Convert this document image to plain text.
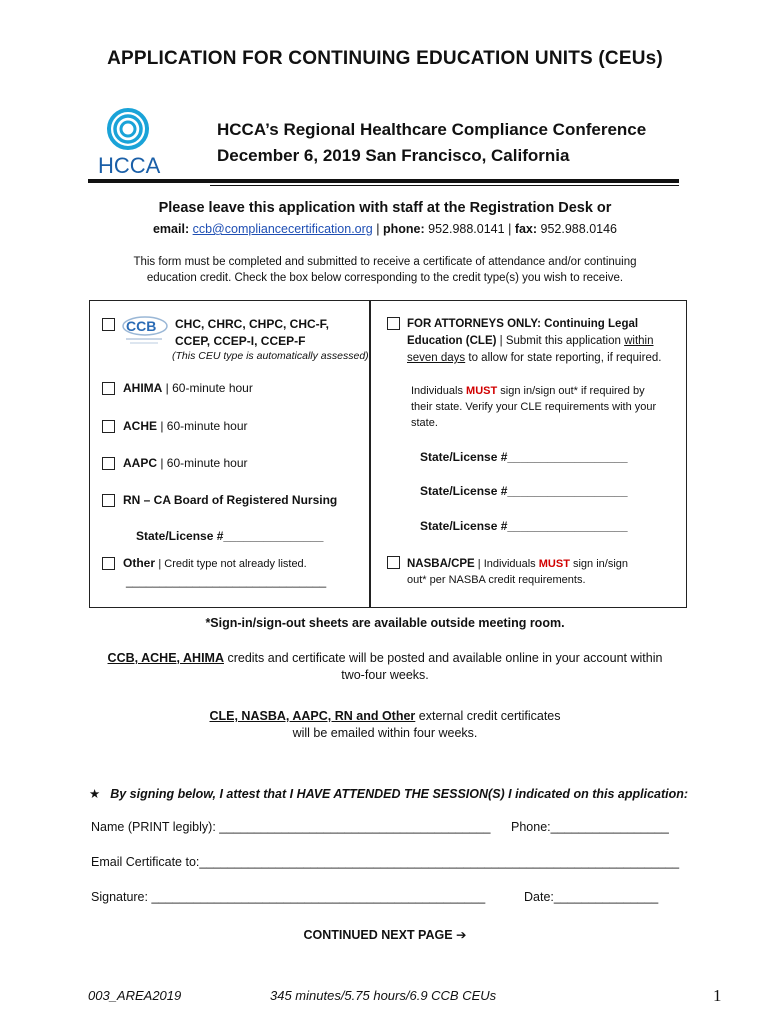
APPLICATION FOR CONTINUING EDUCATION UNITS (CEUs)
HCCA
HCCA’s Regional Healthcare Compliance Conference
December 6, 2019 San Francisco, California
Please leave this application with staff at the Registration Desk or
email: ccb@compliancecertification.org | phone: 952.988.0141 | fax: 952.988.0146
This form must be completed and submitted to receive a certificate of attendance and/or continuing
education credit. Check the box below corresponding to the credit type(s) you wish to receive.
CCB CHC, CHRC, CHPC, CHC-F,
CCEP, CCEP-I, CCEP-F
(This CEU type is automatically assessed)
AHIMA | 60-minute hour
ACHE | 60-minute hour
AAPC | 60-minute hour
RN – CA Board of Registered Nursing
State/License #_______________
Other | Credit type not already listed.
______________________________
FOR ATTORNEYS ONLY: Continuing Legal
Education (CLE) | Submit this application within
seven days to allow for state reporting, if required.
Individuals MUST sign in/sign out* if required by
their state. Verify your CLE requirements with your
state.
State/License #__________________
State/License #__________________
State/License #__________________
NASBA/CPE | Individuals MUST sign in/sign
out* per NASBA credit requirements.
*Sign-in/sign-out sheets are available outside meeting room.
CCB, ACHE, AHIMA credits and certificate will be posted and available online in your account within
two-four weeks.
CLE, NASBA, AAPC, RN and Other external credit certificates
will be emailed within four weeks.
★ By signing below, I attest that I HAVE ATTENDED THE SESSION(S) I indicated on this application:
Name (PRINT legibly): _______________________________________ Phone:_________________
Email Certificate to:_____________________________________________________________________
Signature: ________________________________________________	Date:_______________
CONTINUED NEXT PAGE ➔
003_AREA2019	345 minutes/5.75 hours/6.9 CCB CEUs	1
